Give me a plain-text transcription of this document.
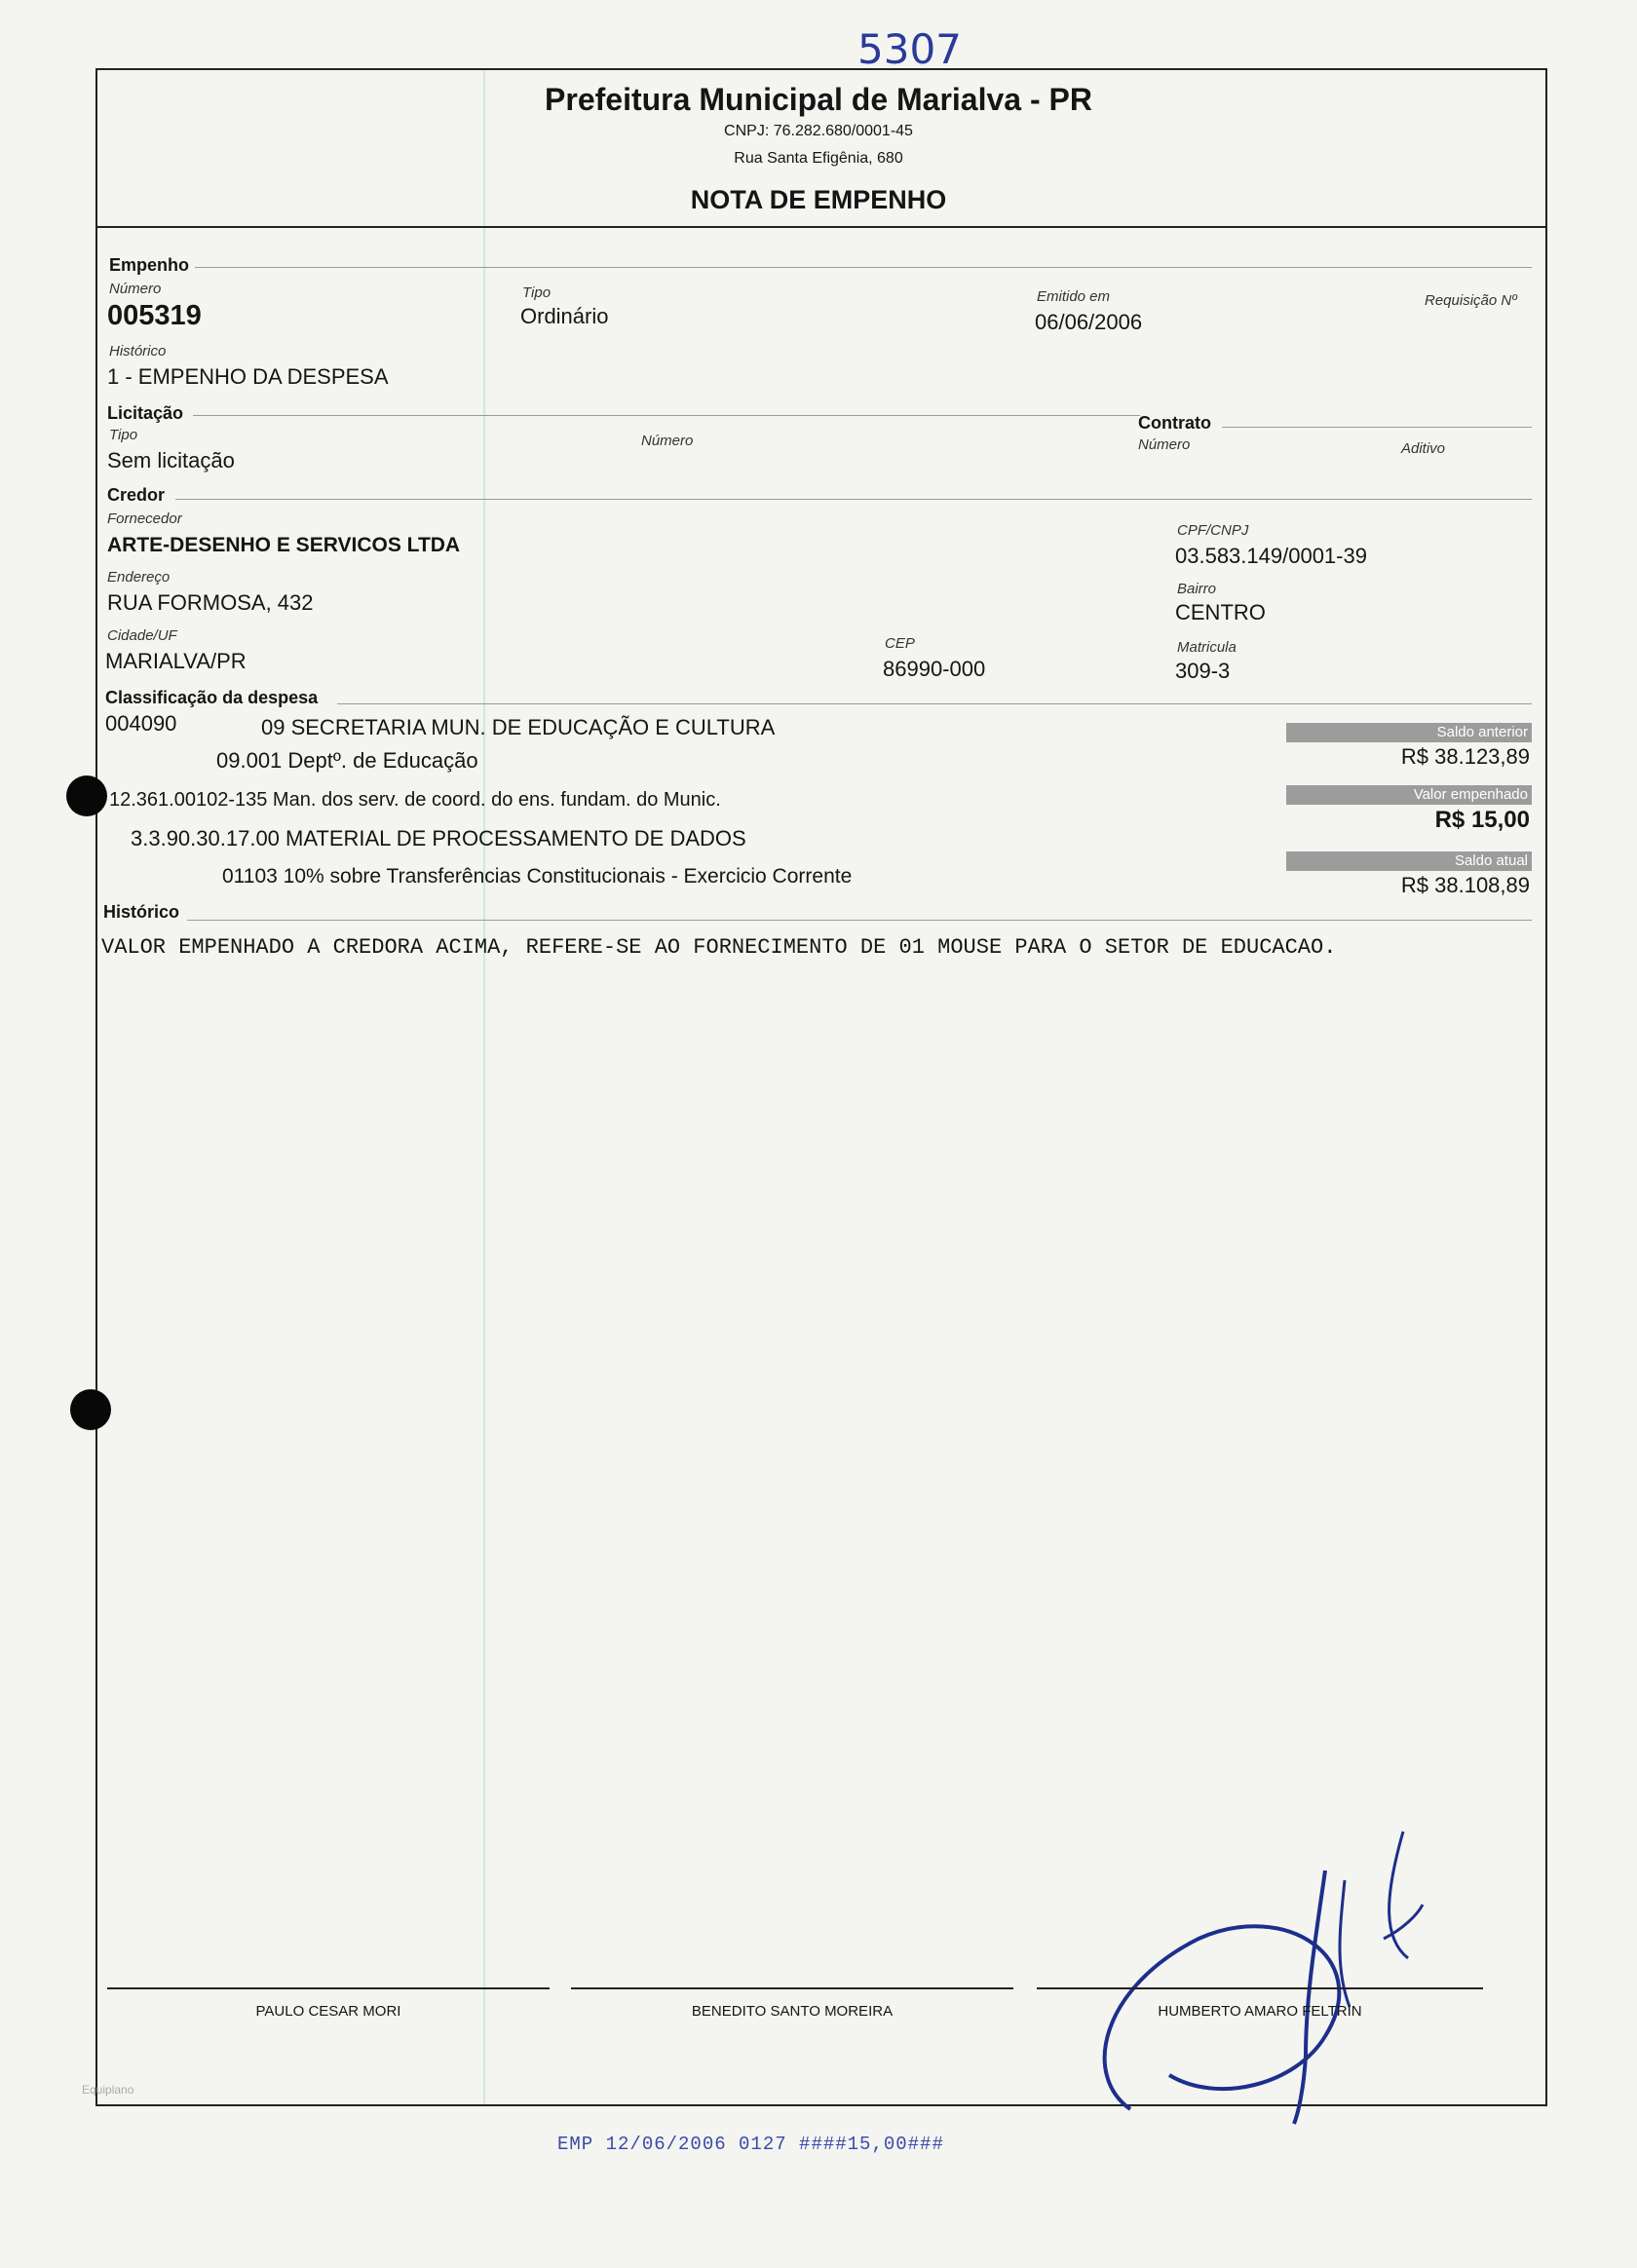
5307
Prefeitura Municipal de Marialva - PR
CNPJ: 76.282.680/0001-45
Rua Santa Efigênia, 680
NOTA DE EMPENHO
Empenho
Número
005319
Tipo
Ordinário
Emitido em
06/06/2006
Requisição Nº
Histórico
1 - EMPENHO DA DESPESA
Licitação
Tipo
Sem licitação
Número
Contrato
Número	Aditivo
Credor
Fornecedor
ARTE-DESENHO E SERVICOS LTDA
CPF/CNPJ
03.583.149/0001-39
Endereço
RUA FORMOSA, 432
Bairro
CENTRO
Cidade/UF
MARIALVA/PR
CEP
86990-000
Matricula
309-3
Classificação da despesa
004090	09 SECRETARIA MUN. DE EDUCAÇÃO E CULTURA
09.001 Deptº. de Educação
12.361.00102-135 Man. dos serv. de coord. do ens. fundam. do Munic.
3.3.90.30.17.00 MATERIAL DE PROCESSAMENTO DE DADOS
01103 10% sobre Transferências Constitucionais - Exercicio Corrente
Saldo anterior
R$ 38.123,89
Valor empenhado
R$ 15,00
Saldo atual
R$ 38.108,89
Histórico
VALOR EMPENHADO A CREDORA ACIMA, REFERE-SE AO FORNECIMENTO DE 01 MOUSE PARA O SETOR DE EDUCACAO.
PAULO CESAR MORI	BENEDITO SANTO MOREIRA	HUMBERTO AMARO FELTRIN
Equiplano
EMP 12/06/2006 0127 ####15,00###
